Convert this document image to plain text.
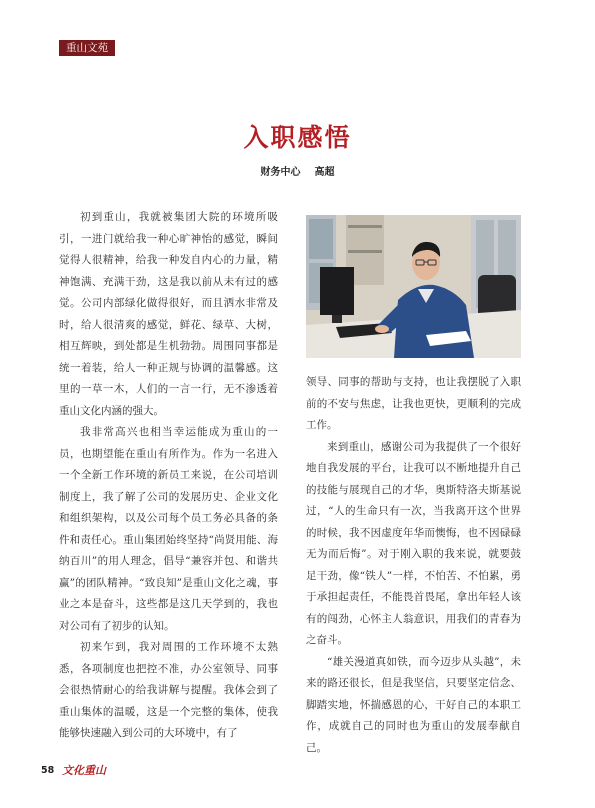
重山文苑
入职感悟
财务中心    高超

初到重山，我就被集团大院的环境所吸引，一进门就给我一种心旷神怡的感觉，瞬间觉得人很精神，给我一种发自内心的力量，精神饱满、充满干劲，这是我以前从未有过的感觉。公司内部绿化做得很好，而且洒水非常及时，给人很清爽的感觉，鲜花、绿草、大树，相互辉映，到处都是生机勃勃。周围同事都是统一着装，给人一种正规与协调的温馨感。这里的一草一木，人们的一言一行，无不渗透着重山文化内涵的强大。

我非常高兴也相当幸运能成为重山的一员，也期望能在重山有所作为。作为一名进入一个全新工作环境的新员工来说，在公司培训制度上，我了解了公司的发展历史、企业文化和组织架构，以及公司每个员工务必具备的条件和责任心。重山集团始终坚持“尚贤用能、海纳百川”的用人理念，倡导“兼容并包、和谐共赢”的团队精神。“致良知”是重山文化之魂，事业之本是奋斗，这些都是这几天学到的，我也对公司有了初步的认知。

初来乍到，我对周围的工作环境不太熟悉，各项制度也把控不准，办公室领导、同事会很热情耐心的给我讲解与提醒。我体会到了重山集体的温暖，这是一个完整的集体，使我能够快速融入到公司的大环境中，有了

领导、同事的帮助与支持，也让我摆脱了入职前的不安与焦虑，让我也更快，更顺利的完成工作。

来到重山，感谢公司为我提供了一个很好地自我发展的平台，让我可以不断地提升自己的技能与展现自己的才华，奥斯特洛夫斯基说过，“人的生命只有一次，当我离开这个世界的时候，我不因虚度年华而懊悔，也不因碌碌无为而后悔”。对于刚入职的我来说，就要鼓足干劲，像“铁人”一样，不怕苦、不怕累，勇于承担起责任，不能畏首畏尾，拿出年轻人该有的闯劲，心怀主人翁意识，用我们的青春为之奋斗。

“雄关漫道真如铁，而今迈步从头越”，未来的路还很长，但是我坚信，只要坚定信念、脚踏实地，怀揣感恩的心，干好自己的本职工作，成就自己的同时也为重山的发展奉献自己。

58 文化重山
